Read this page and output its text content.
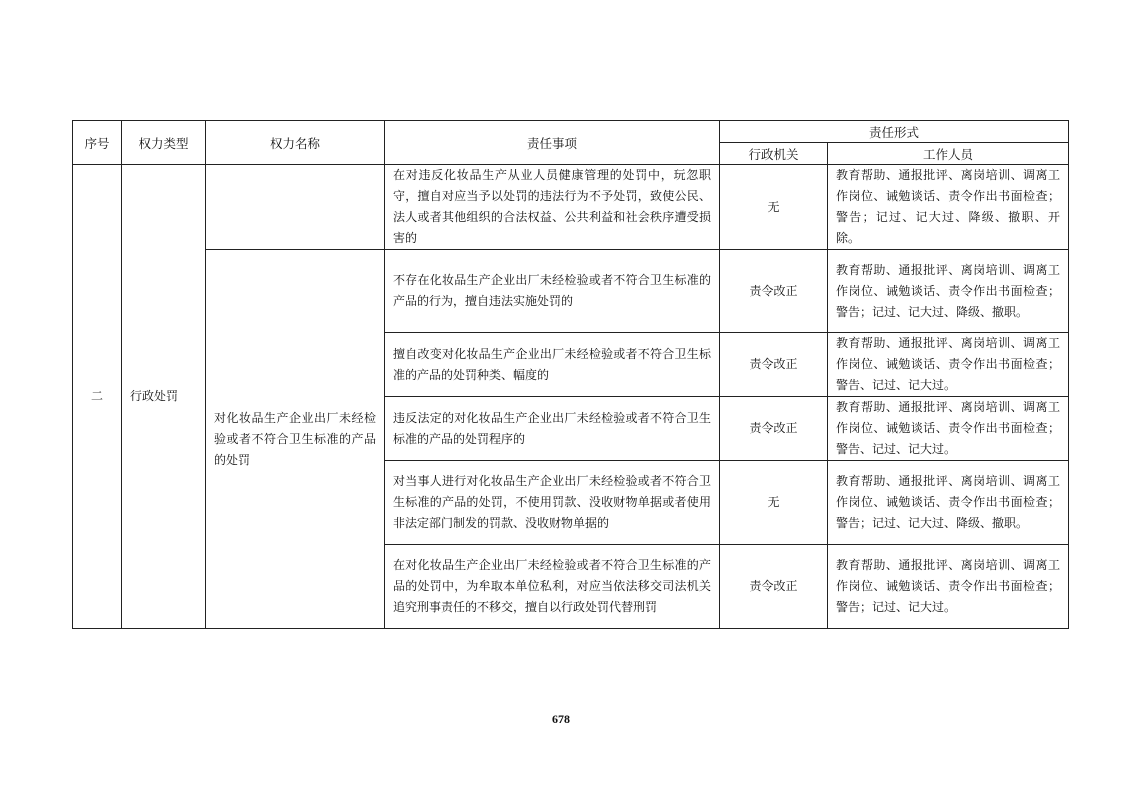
序号	权力类型	权力名称	责任事项	责任形式	
				行政机关	工作人员
二	行政处罚		在对违反化妆品生产从业人员健康管理的处罚中，玩忽职守，擅自对应当予以处罚的违法行为不予处罚，致使公民、法人或者其他组织的合法权益、公共利益和社会秩序遭受损害的	无	教育帮助、通报批评、离岗培训、调离工作岗位、诫勉谈话、责令作出书面检查；警告；记过、记大过、降级、撤职、开除。
		对化妆品生产企业出厂未经检验或者不符合卫生标准的产品的处罚	不存在化妆品生产企业出厂未经检验或者不符合卫生标准的产品的行为，擅自违法实施处罚的	责令改正	教育帮助、通报批评、离岗培训、调离工作岗位、诫勉谈话、责令作出书面检查；警告；记过、记大过、降级、撤职。
			擅自改变对化妆品生产企业出厂未经检验或者不符合卫生标准的产品的处罚种类、幅度的	责令改正	教育帮助、通报批评、离岗培训、调离工作岗位、诫勉谈话、责令作出书面检查；警告、记过、记大过。
			违反法定的对化妆品生产企业出厂未经检验或者不符合卫生标准的产品的处罚程序的	责令改正	教育帮助、通报批评、离岗培训、调离工作岗位、诫勉谈话、责令作出书面检查；警告、记过、记大过。
			对当事人进行对化妆品生产企业出厂未经检验或者不符合卫生标准的产品的处罚，不使用罚款、没收财物单据或者使用非法定部门制发的罚款、没收财物单据的	无	教育帮助、通报批评、离岗培训、调离工作岗位、诫勉谈话、责令作出书面检查；警告；记过、记大过、降级、撤职。
			在对化妆品生产企业出厂未经检验或者不符合卫生标准的产品的处罚中，为牟取本单位私利，对应当依法移交司法机关追究刑事责任的不移交，擅自以行政处罚代替刑罚	责令改正	教育帮助、通报批评、离岗培训、调离工作岗位、诫勉谈话、责令作出书面检查；警告；记过、记大过。
678
